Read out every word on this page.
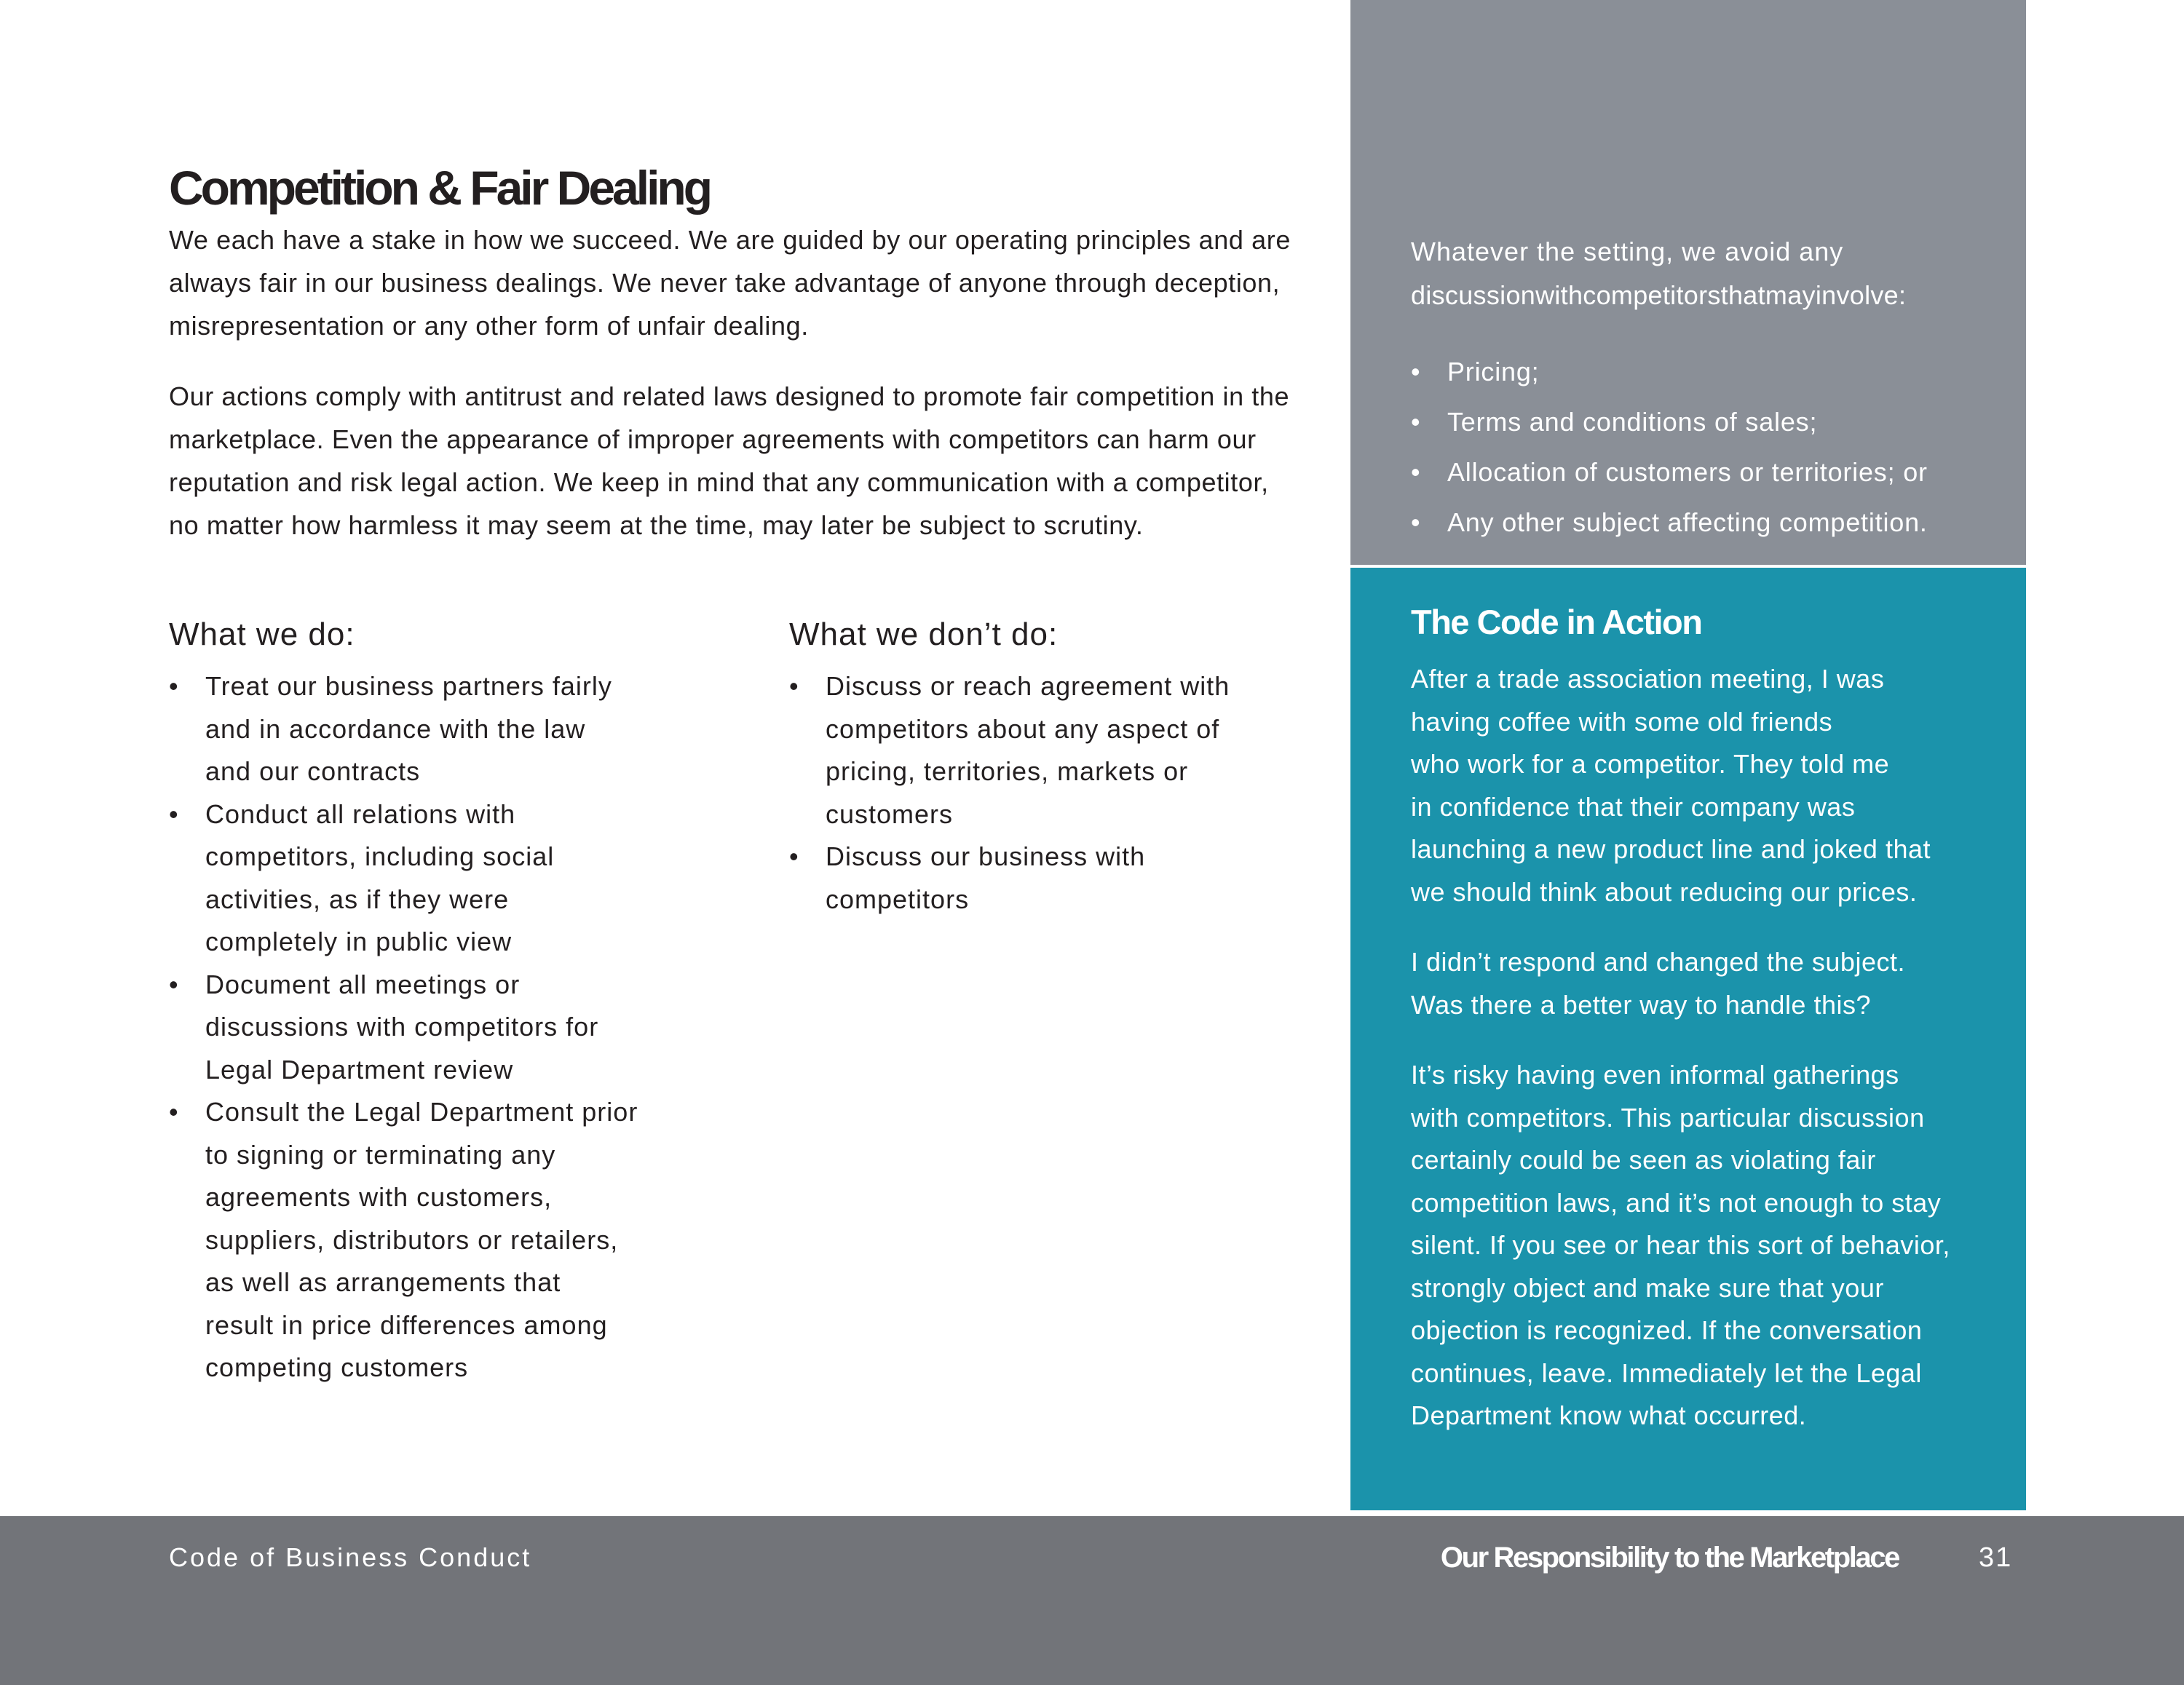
Competition & Fair Dealing

We each have a stake in how we succeed. We are guided by our operating principles and are always fair in our business dealings. We never take advantage of anyone through deception, misrepresentation or any other form of unfair dealing.

Our actions comply with antitrust and related laws designed to promote fair competition in the marketplace. Even the appearance of improper agreements with competitors can harm our reputation and risk legal action. We keep in mind that any communication with a competitor, no matter how harmless it may seem at the time, may later be subject to scrutiny.

What we do:
• Treat our business partners fairly
and in accordance with the law
and our contracts
• Conduct all relations with
competitors, including social
activities, as if they were
completely in public view
• Document all meetings or
discussions with competitors for
Legal Department review
• Consult the Legal Department prior
to signing or terminating any
agreements with customers,
suppliers, distributors or retailers,
as well as arrangements that
result in price differences among
competing customers
What we don’t do:
• Discuss or reach agreement with
competitors about any aspect of
pricing, territories, markets or
customers
• Discuss our business with
competitors

Whatever the setting, we avoid any
discussionwithcompetitorsthatmayinvolve:

• Pricing;
• Terms and conditions of sales;
• Allocation of customers or territories; or
• Any other subject affecting competition.
The Code in Action

After a trade association meeting, I was
having coffee with some old friends
who work for a competitor. They told me
in confidence that their company was
launching a new product line and joked that
we should think about reducing our prices.

I didn’t respond and changed the subject.
Was there a better way to handle this?

It’s risky having even informal gatherings
with competitors. This particular discussion
certainly could be seen as violating fair
competition laws, and it’s not enough to stay
silent. If you see or hear this sort of behavior,
strongly object and make sure that your
objection is recognized. If the conversation
continues, leave. Immediately let the Legal
Department know what occurred.

Code of Business Conduct	Our Responsibility to the Marketplace	31
